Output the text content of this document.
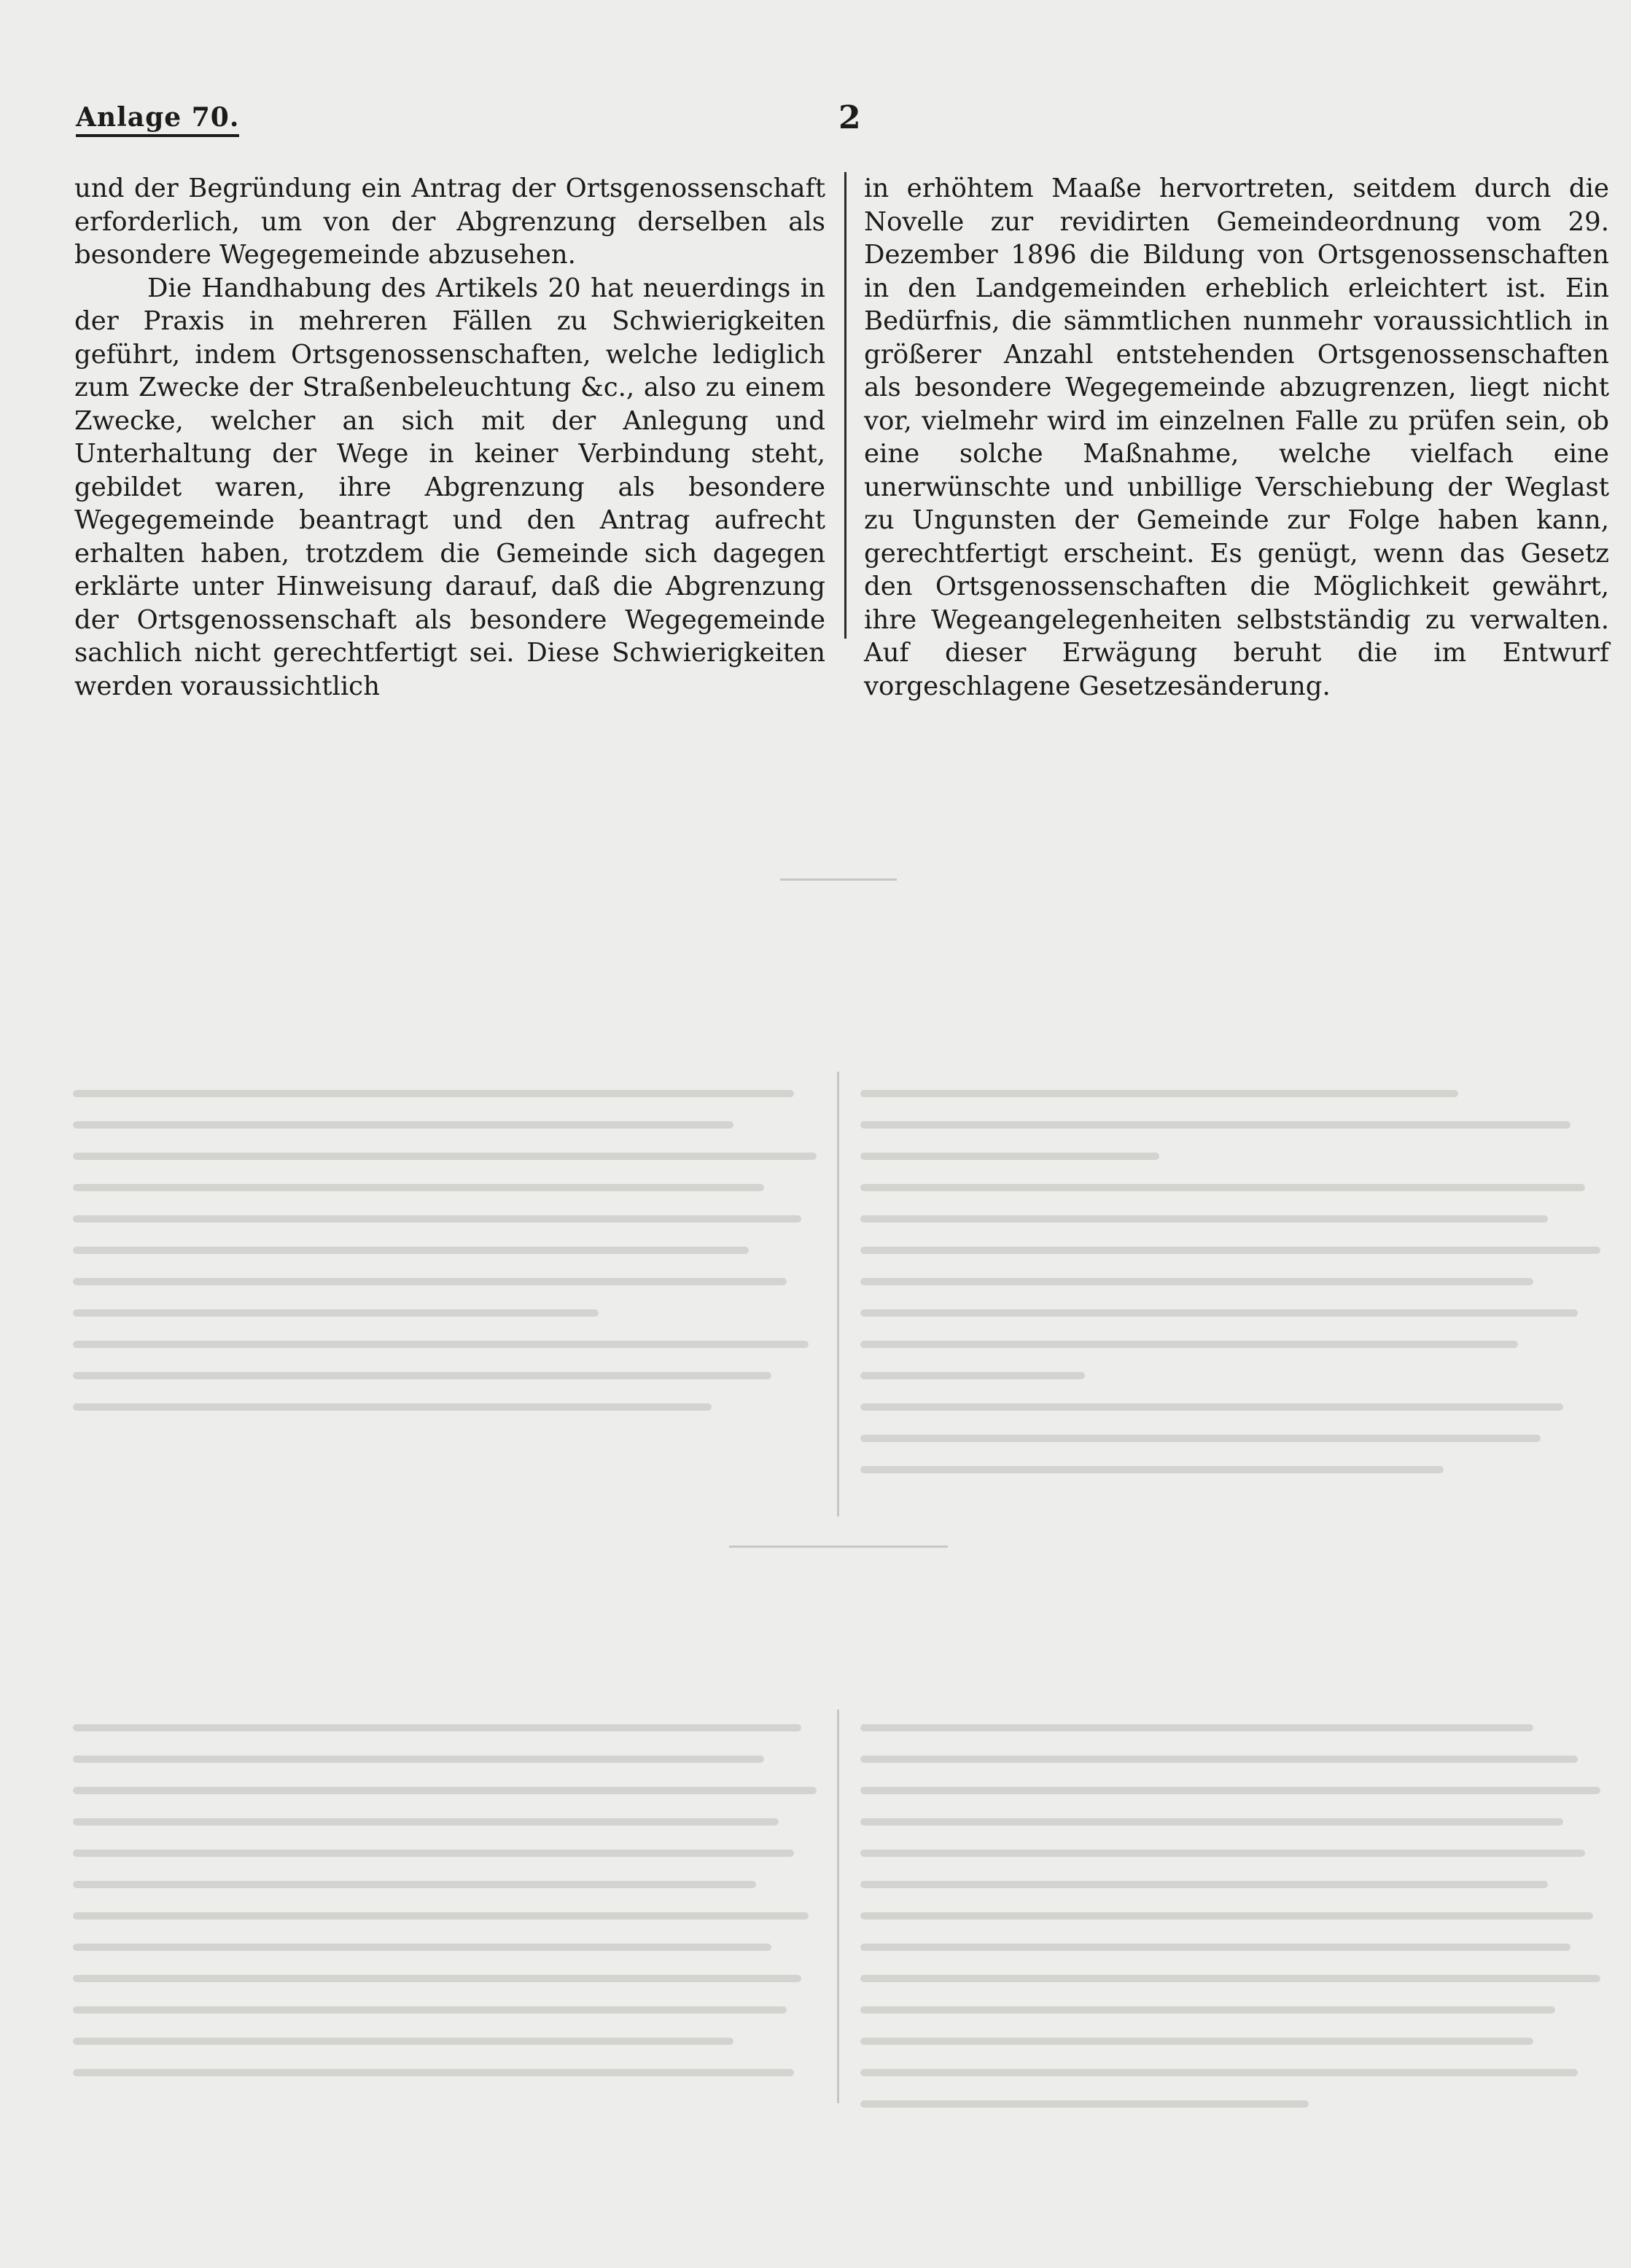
Anlage 70.	2

und der Begründung ein Antrag der Ortsgenossenschaft erforderlich, um von der Abgrenzung derselben als besondere Wegegemeinde abzusehen.

Die Handhabung des Artikels 20 hat neuerdings in der Praxis in mehreren Fällen zu Schwierigkeiten geführt, indem Ortsgenossenschaften, welche lediglich zum Zwecke der Straßenbeleuchtung &c., also zu einem Zwecke, welcher an sich mit der Anlegung und Unterhaltung der Wege in keiner Verbindung steht, gebildet waren, ihre Abgrenzung als besondere Wegegemeinde beantragt und den Antrag aufrecht erhalten haben, trotzdem die Gemeinde sich dagegen erklärte unter Hinweisung darauf, daß die Abgrenzung der Ortsgenossenschaft als besondere Wegegemeinde sachlich nicht gerechtfertigt sei. Diese Schwierigkeiten werden voraussichtlich

in erhöhtem Maaße hervortreten, seitdem durch die Novelle zur revidirten Gemeindeordnung vom 29. Dezember 1896 die Bildung von Ortsgenossenschaften in den Landgemeinden erheblich erleichtert ist. Ein Bedürfnis, die sämmtlichen nunmehr voraussichtlich in größerer Anzahl entstehenden Ortsgenossenschaften als besondere Wegegemeinde abzugrenzen, liegt nicht vor, vielmehr wird im einzelnen Falle zu prüfen sein, ob eine solche Maßnahme, welche vielfach eine unerwünschte und unbillige Verschiebung der Weglast zu Ungunsten der Gemeinde zur Folge haben kann, gerechtfertigt erscheint. Es genügt, wenn das Gesetz den Ortsgenossenschaften die Möglichkeit gewährt, ihre Wegeangelegenheiten selbstständig zu verwalten. Auf dieser Erwägung beruht die im Entwurf vorgeschlagene Gesetzesänderung.
